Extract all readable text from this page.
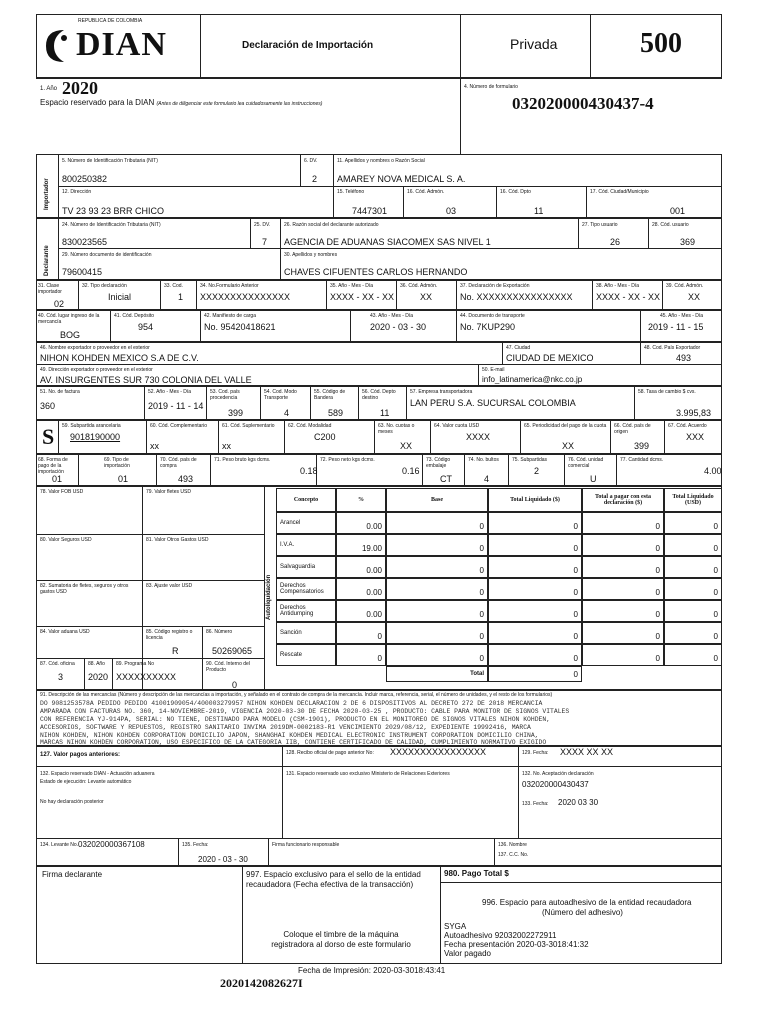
REPUBLICA DE COLOMBIA
DIAN	Declaración de Importación	Privada	500
1. Año 2020
Espacio reservado para la DIAN (Antes de diligenciar este formulario lea cuidadosamente las instrucciones)
4. Número de formulario
032020000430437-4
Importador
5. Número de Identificación Tributaria (NIT)
800250382
6. DV.
2
11. Apellidos y nombres o Razón Social
AMAREY NOVA MEDICAL S. A.
12. Dirección
TV 23 93 23 BRR CHICO
15. Teléfono
7447301
16. Cód. Admón.
03
16. Cód. Dpto
11
17. Cód. Ciudad/Municipio
001
Declarante
24. Número de Identificación Tributaria (NIT)
830023565
25. DV.
7
26. Razón social del declarante autorizado
AGENCIA DE ADUANAS SIACOMEX SAS NIVEL 1
27. Tipo usuario
26
28. Cód. usuario
369
29. Número documento de identificación
79600415
30. Apellidos y nombres
CHAVES CIFUENTES CARLOS HERNANDO
31. Clase importador
02
32. Tipo declaración
Inicial
33. Cod.
1
34. No.Formulario Anterior
XXXXXXXXXXXXXXX
35. Año - Mes - Día
XXXX - XX - XX
36. Cód. Admón.
XX
37. Declaración de Exportación
No. XXXXXXXXXXXXXXXX
38. Año - Mes - Día
XXXX - XX - XX
39. Cód. Admón.
XX
40. Cód. lugar ingreso de la mercancía
BOG
41. Cód. Depósito
954
42. Manifiesto de carga
No. 95420418621
43. Año - Mes - Día
2020 - 03 - 30
44. Documento de transporte
No. 7KUP290
45. Año - Mes - Día
2019 - 11 - 15
46. Nombre exportador o proveedor en el exterior
NIHON KOHDEN MEXICO S.A DE C.V.
47. Ciudad
CIUDAD DE MEXICO
48. Cod. País Exportador
493
49. Dirección exportador o proveedor en el exterior
AV. INSURGENTES SUR 730 COLONIA DEL VALLE
50. E-mail
info_latinamerica@nkc.co.jp
51. No. de factura
360
52. Año - Mes - Día
2019 - 11 - 14
53. Cod. país procedencia
399
54. Cod. Modo Transporte
4
55. Código de Bandera
589
56. Cód. Depto destino
11
57. Empresa transportadora
LAN PERU S.A. SUCURSAL COLOMBIA
58. Tasa de cambio $ cvs.
3.995,83
S 59. Subpartida arancelaria
9018190000
60. Cód. Complementario
xx
61. Cód. Suplementario
xx
62. Cód. Modalidad
C200
63. No. cuotas o meses
XX
64. Valor cuota USD
XXXX
65. Periodicidad del pago de la cuota
XX
66. Cód. país de origen
399
67. Cód. Acuerdo
XXX
68. Forma de pago de la importación
01
69. Tipo de importación
01
70. Cód. país de compra
493
71. Peso bruto kgs dcms.
0.18
72. Peso neto kgs dcms.
0.16
73. Código embalaje
CT
74. No. bultos
4
75. Subpartidas
2
76. Cód. unidad comercial
U
77. Cantidad dcms.
4.00
78. Valor FOB USD	79. Valor fletes USD
80. Valor Seguros USD	81. Valor Otros Gastos USD
82. Sumatoria de fletes, seguros y otros gastos USD
83. Ajuste valor USD
84. Valor aduana USD	85. Código registro o licencia
R
86. Número
50269065
87. Cód. oficina
3
88. Año
2020
89. Programa No
XXXXXXXXXX
90. Cód. Interno del Producto
0
Autoliquidación
Concepto	%	Base	Total Liquidado ($)	Total a pagar con esta declaración ($)
Total Liquidado (USD)
Arancel	0.00	0	0	0	0
I.V.A.	19.00	0	0	0	0
Salvaguardia	0.00	0	0	0	0
Derechos Compensatorios	0.00	0	0	0	0
Derechos Antidumping	0.00	0	0	0	0
Sanción	0	0	0	0	0
Rescate	0	0	0	0	0
Total	0
91. Descripción de las mercancías (Número y descripción de las mercancías a importación, y señalado en el contrato de compra de la mercancía. Incluir marca, referencia, serial, el número de unidades, y el resto de los formularios)
DO 9081253578A PEDIDO PEDIDO 41001909054/400003279957 NIHON KOHDEN DECLARACION 2 DE 6 DISPOSITIVOS AL DECRETO 272 DE 2018 MERCANCIA
AMPARADA CON FACTURAS NO. 360, 14-NOVIEMBRE-2019, VIGENCIA 2020-03-30 DE FECHA 2020-03-25 , PRODUCTO: CABLE PARA MONITOR DE SIGNOS VITALES
CON REFERENCIA YJ-914PA, SERIAL: NO TIENE, DESTINADO PARA MODELO (CSM-1901), PRODUCTO EN EL MONITOREO DE SIGNOS VITALES NIHON KOHDEN,
ACCESORIOS, SOFTWARE Y REPUESTOS, REGISTRO SANITARIO INVIMA 2019DM-0002183-R1 VENCIMIENTO 2029/08/12, EXPEDIENTE 19992416, MARCA
NIHON KOHDEN, NIHON KOHDEN CORPORATION DOMICILIO JAPON, SHANGHAI KOHDEN MEDICAL ELECTRONIC INSTRUMENT CORPORATION DOMICILIO CHINA,
MARCAS NIHON KOHDEN CORPORATION, USO ESPECIFICO DE LA CATEGORIA IIB, CONTIENE CERTIFICADO DE CALIDAD, CUMPLIMIENTO NORMATIVO EXIGIDO
127. Valor pagos anteriores:	128. Recibo oficial de pago anterior No: XXXXXXXXXXXXXXXX	129. Fecha: XXXX XX XX
132. Espacio reservado DIAN - Actuación aduanera
Estado de ejecución: Levante automático
No hay declaración posterior
131. Espacio reservado uso exclusivo Ministerio de Relaciones Exteriores	132. No. Aceptación declaración
032020000430437
133. Fecha: 2020 03 30
134. Levante No. 032020000367108	135. Fecha:
2020 - 03 - 30
Firma funcionario responsable	136. Nombre
137. C.C. No.
Firma declarante	997. Espacio exclusivo para el sello de la entidad recaudadora (Fecha efectiva de la transacción)
Coloque el timbre de la máquina registradora al dorso de este formulario
980. Pago Total $
996. Espacio para autoadhesivo de la entidad recaudadora
(Número del adhesivo)
SYGA
Autoadhesivo 92032002272911
Fecha presentación 2020-03-3018:41:32
Valor pagado
Fecha de Impresión: 2020-03-3018:43:41
2020142082627I
